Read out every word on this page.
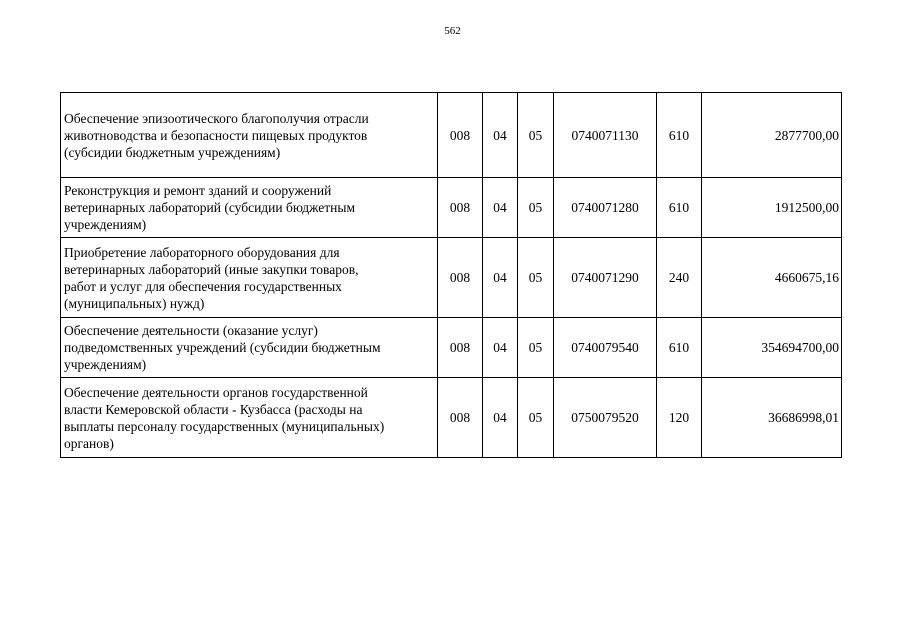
562
Обеспечение эпизоотического благополучия отрасли
животноводства и безопасности пищевых продуктов
(субсидии бюджетным учреждениям)	008	04	05	0740071130	610	2877700,00

Реконструкция и ремонт зданий и сооружений
ветеринарных лабораторий (субсидии бюджетным
учреждениям)	008	04	05	0740071280	610	1912500,00

Приобретение лабораторного оборудования для
ветеринарных лабораторий (иные закупки товаров,
работ и услуг для обеспечения государственных
(муниципальных) нужд)	008	04	05	0740071290	240	4660675,16

Обеспечение деятельности (оказание услуг)
подведомственных учреждений (субсидии бюджетным
учреждениям)	008	04	05	0740079540	610	354694700,00

Обеспечение деятельности органов государственной
власти Кемеровской области - Кузбасса (расходы на
выплаты персоналу государственных (муниципальных)
органов)	008	04	05	0750079520	120	36686998,01
